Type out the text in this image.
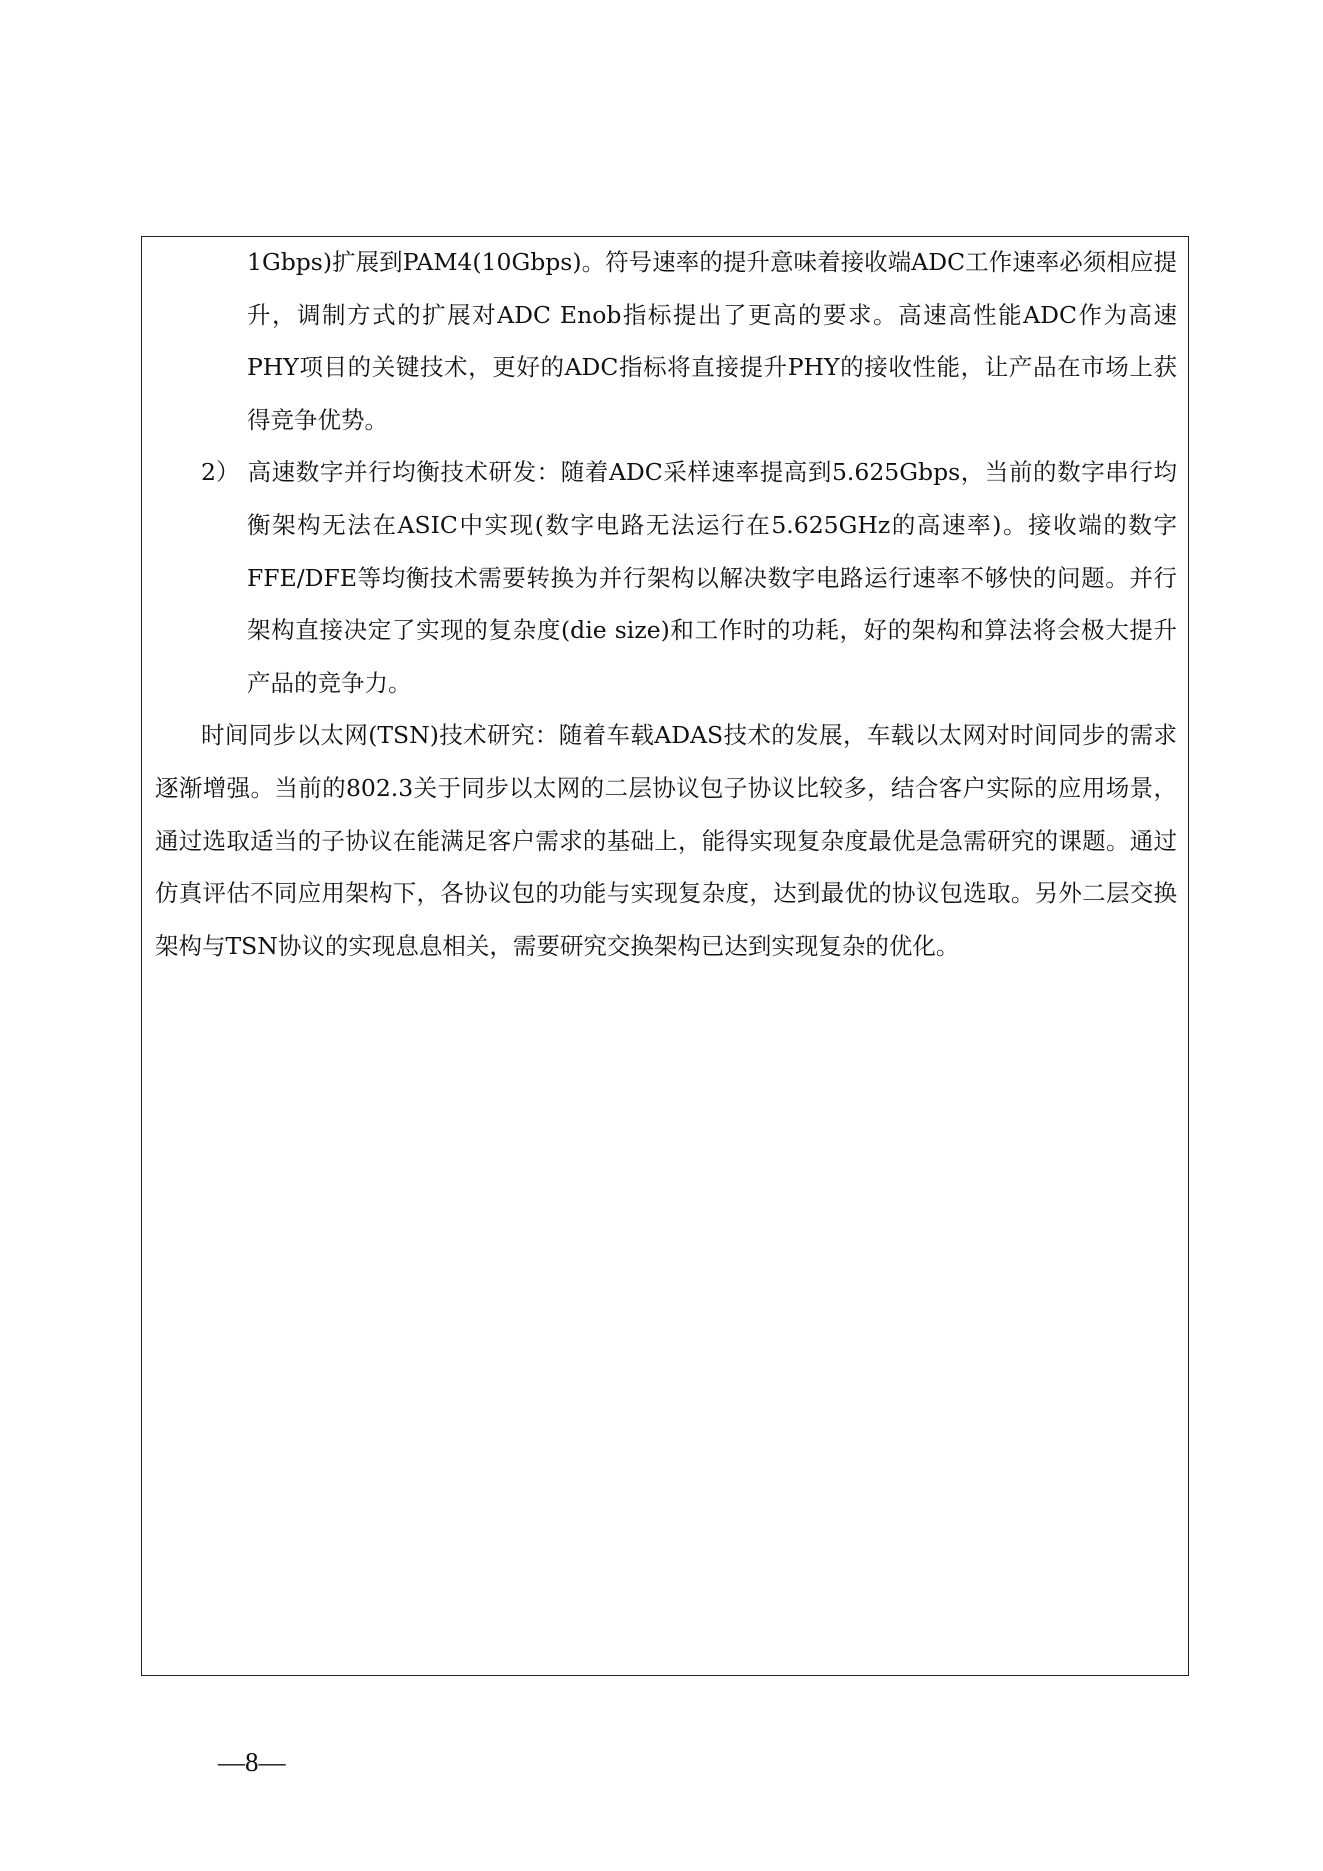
1Gbps)扩展到PAM4(10Gbps)。符号速率的提升意味着接收端ADC工作速率必须相应提升，调制方式的扩展对ADC Enob指标提出了更高的要求。高速高性能ADC作为高速PHY项目的关键技术，更好的ADC指标将直接提升PHY的接收性能，让产品在市场上获得竞争优势。

2） 高速数字并行均衡技术研发：随着ADC采样速率提高到5.625Gbps，当前的数字串行均衡架构无法在ASIC中实现(数字电路无法运行在5.625GHz的高速率)。接收端的数字FFE/DFE等均衡技术需要转换为并行架构以解决数字电路运行速率不够快的问题。并行架构直接决定了实现的复杂度(die size)和工作时的功耗，好的架构和算法将会极大提升产品的竞争力。

时间同步以太网(TSN)技术研究：随着车载ADAS技术的发展，车载以太网对时间同步的需求逐渐增强。当前的802.3关于同步以太网的二层协议包子协议比较多，结合客户实际的应用场景，通过选取适当的子协议在能满足客户需求的基础上，能得实现复杂度最优是急需研究的课题。通过仿真评估不同应用架构下，各协议包的功能与实现复杂度，达到最优的协议包选取。另外二层交换架构与TSN协议的实现息息相关，需要研究交换架构已达到实现复杂的优化。

—8—
